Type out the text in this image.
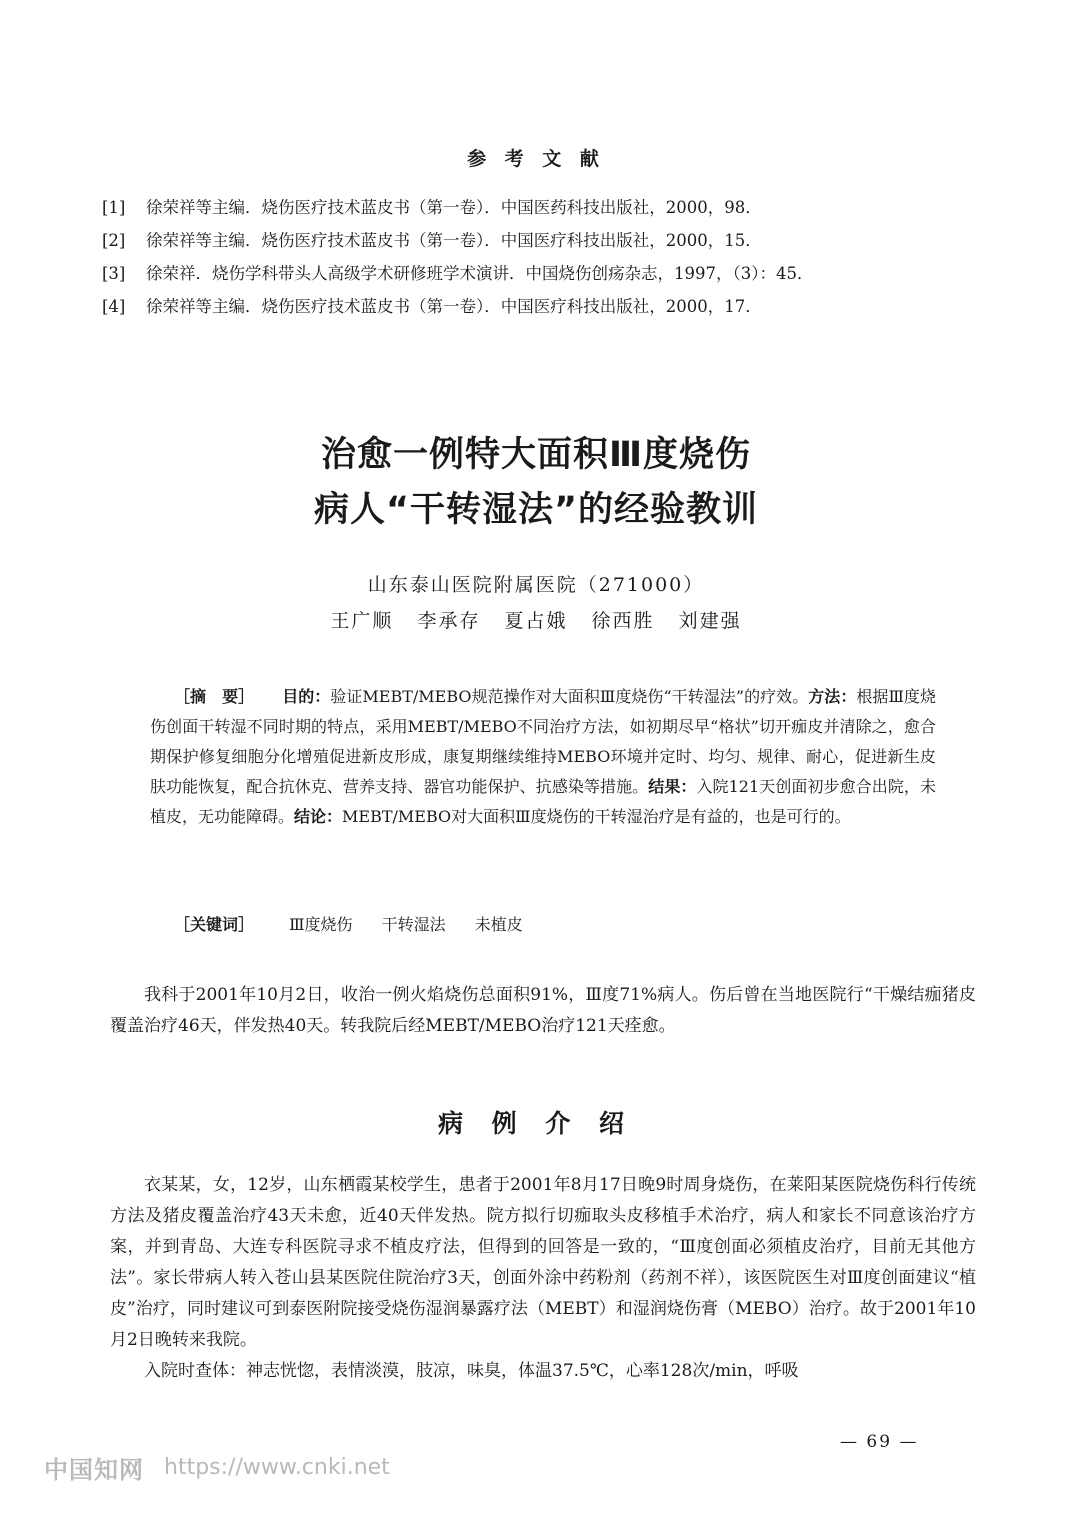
参 考 文 献
[1]	徐荣祥等主编．烧伤医疗技术蓝皮书（第一卷）．中国医药科技出版社，2000，98．
[2]	徐荣祥等主编．烧伤医疗技术蓝皮书（第一卷）．中国医疗科技出版社，2000，15．
[3]	徐荣祥．烧伤学科带头人高级学术研修班学术演讲．中国烧伤创疡杂志，1997，（3）：45．
[4]	徐荣祥等主编．烧伤医疗技术蓝皮书（第一卷）．中国医疗科技出版社，2000，17．
治愈一例特大面积Ⅲ度烧伤
病人“干转湿法”的经验教训
山东泰山医院附属医院（271000）
王广顺 李承存 夏占娥 徐西胜 刘建强
［摘　要］ 目的：验证MEBT/MEBO规范操作对大面积Ⅲ度烧伤“干转湿法”的疗效。方法：根据Ⅲ度烧伤创面干转湿不同时期的特点，采用MEBT/MEBO不同治疗方法，如初期尽早“格状”切开痂皮并清除之，愈合期保护修复细胞分化增殖促进新皮形成，康复期继续维持MEBO环境并定时、均匀、规律、耐心，促进新生皮肤功能恢复，配合抗休克、营养支持、器官功能保护、抗感染等措施。结果：入院121天创面初步愈合出院，未植皮，无功能障碍。结论：MEBT/MEBO对大面积Ⅲ度烧伤的干转湿治疗是有益的，也是可行的。
［关键词］ Ⅲ度烧伤 干转湿法 未植皮
我科于2001年10月2日，收治一例火焰烧伤总面积91%，Ⅲ度71%病人。伤后曾在当地医院行“干燥结痂猪皮覆盖治疗46天，伴发热40天。转我院后经MEBT/MEBO治疗121天痊愈。
病 例 介 绍

衣某某，女，12岁，山东栖霞某校学生，患者于2001年8月17日晚9时周身烧伤，在莱阳某医院烧伤科行传统方法及猪皮覆盖治疗43天未愈，近40天伴发热。院方拟行切痂取头皮移植手术治疗，病人和家长不同意该治疗方案，并到青岛、大连专科医院寻求不植皮疗法，但得到的回答是一致的，“Ⅲ度创面必须植皮治疗，目前无其他方法”。家长带病人转入苍山县某医院住院治疗3天，创面外涂中药粉剂（药剂不祥），该医院医生对Ⅲ度创面建议“植皮”治疗，同时建议可到泰医附院接受烧伤湿润暴露疗法（MEBT）和湿润烧伤膏（MEBO）治疗。故于2001年10月2日晚转来我院。

入院时查体：神志恍惚，表情淡漠，肢凉，味臭，体温37.5℃，心率128次/min，呼吸

— 69 —
中国知网 https://www.cnki.net
